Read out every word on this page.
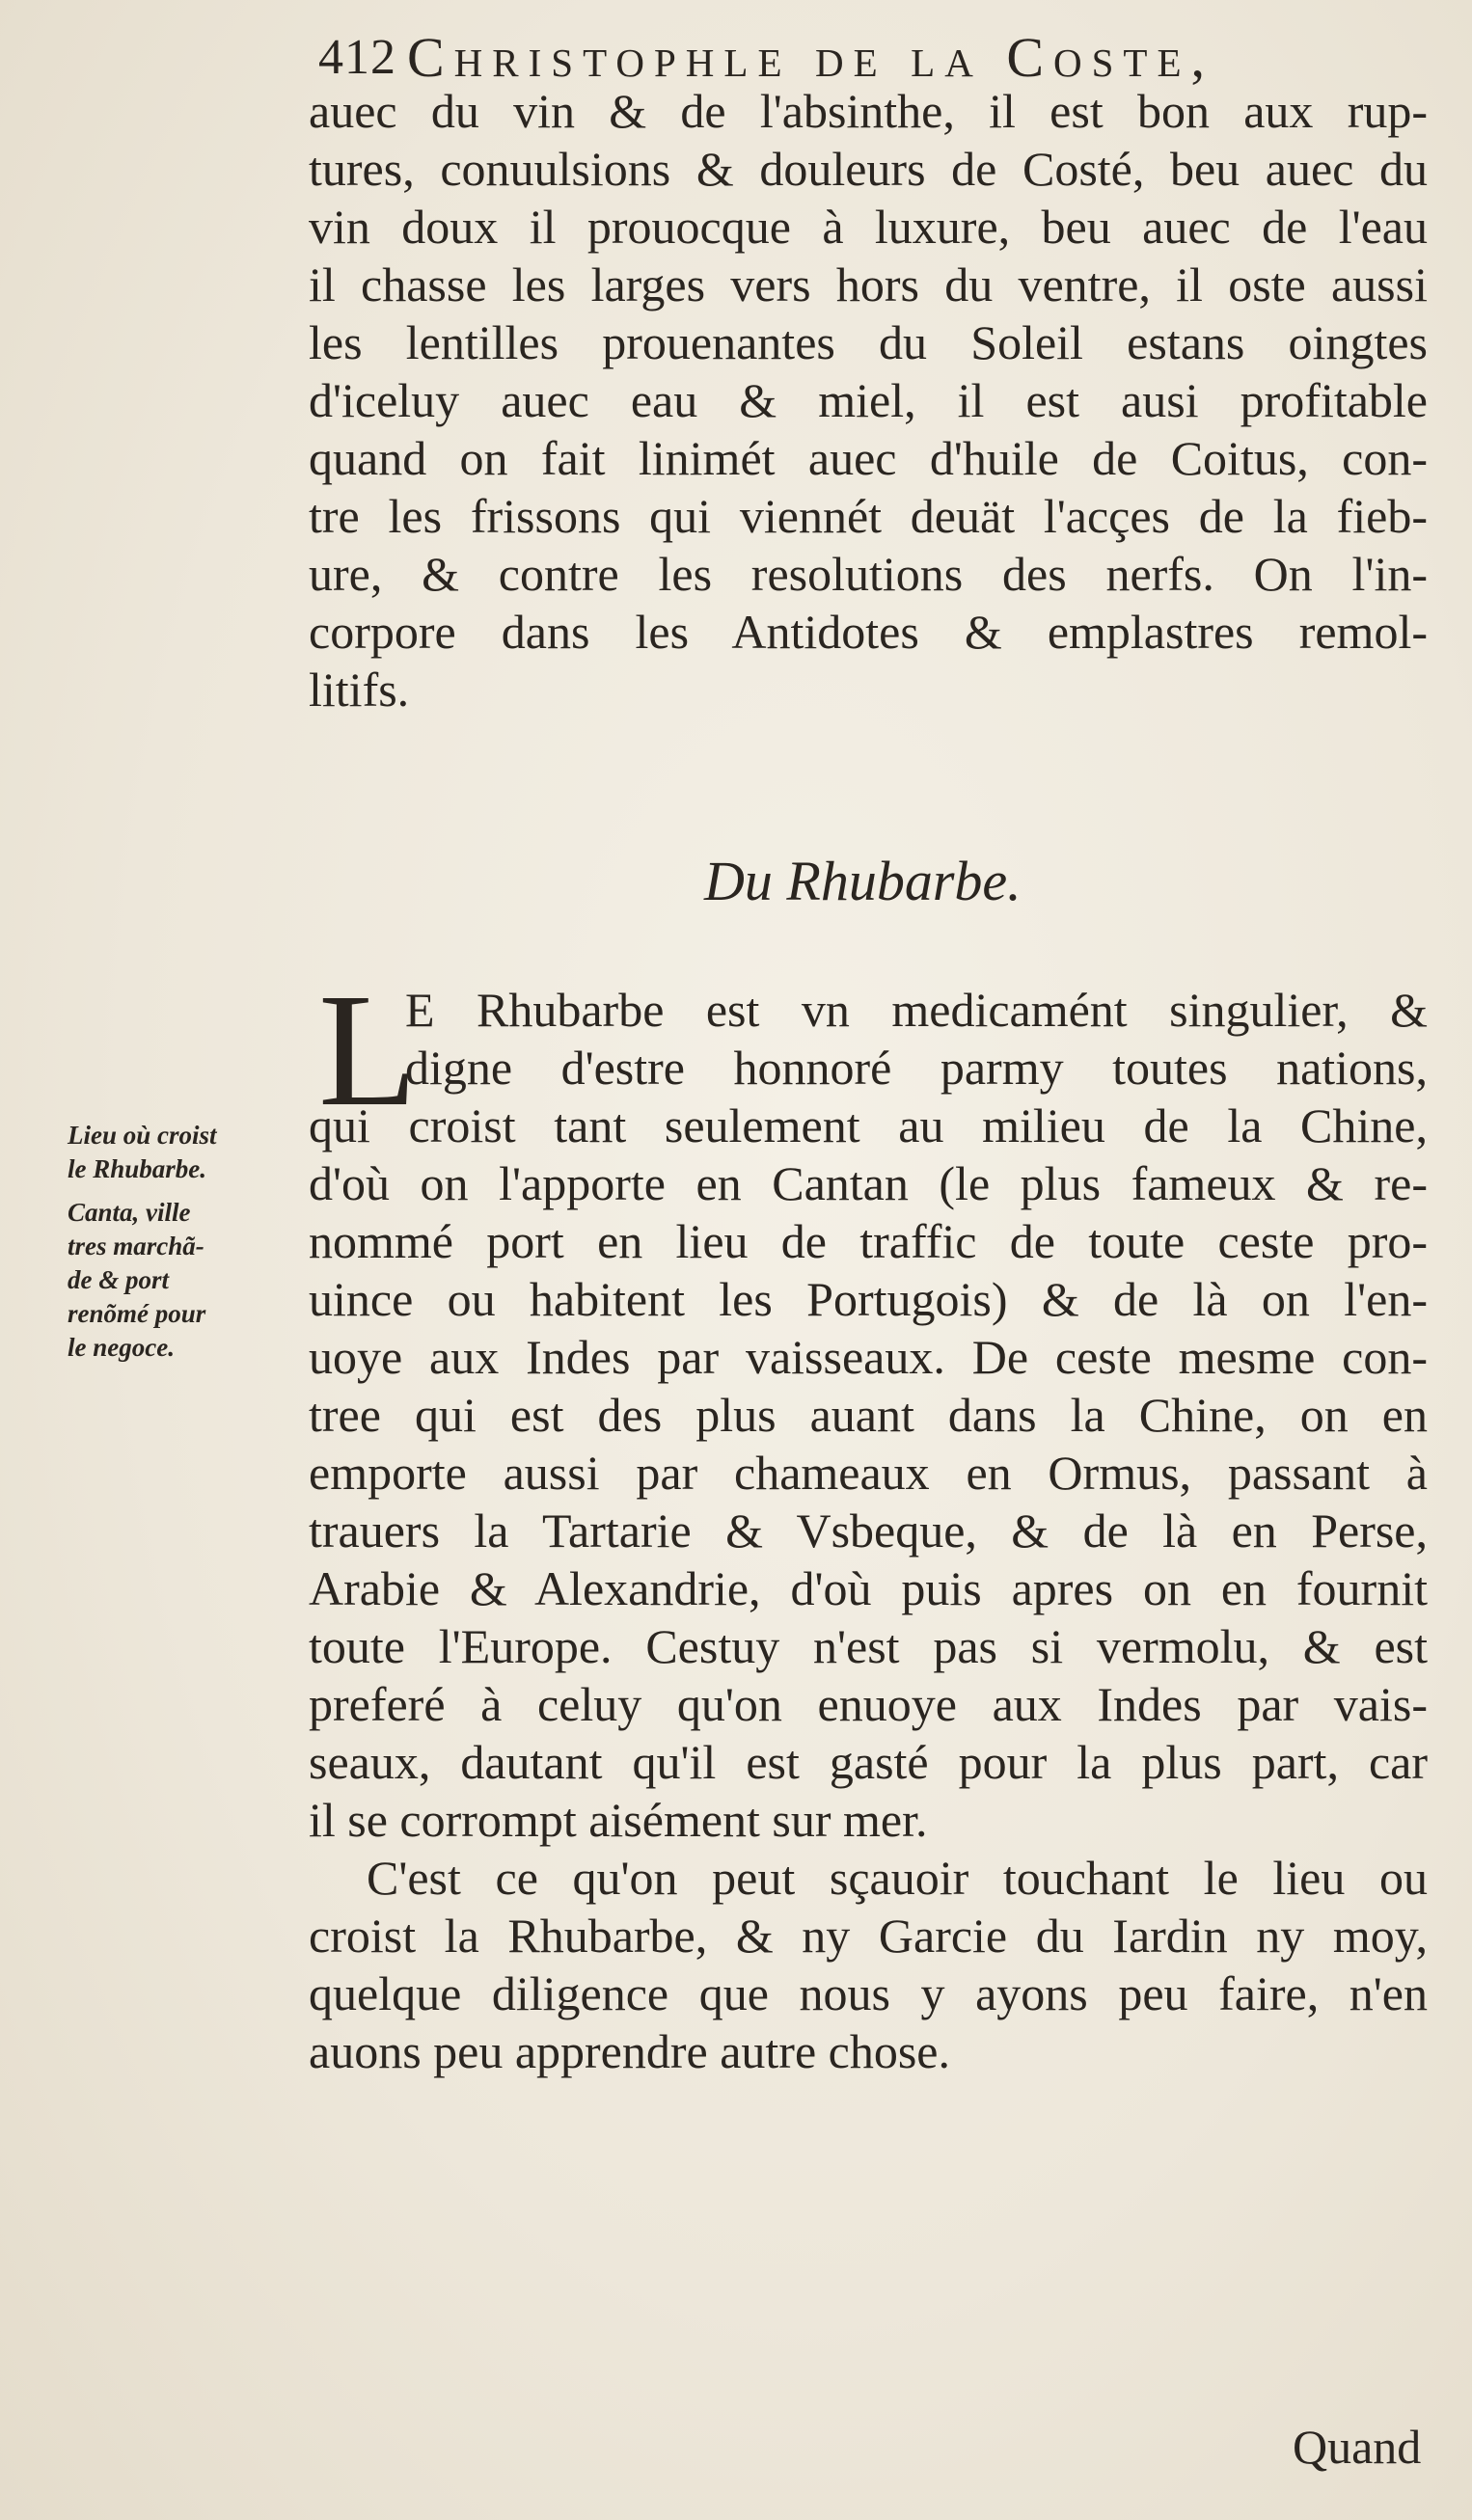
412 Christophle de la Coste,
auec du vin & de l'absinthe, il est bon aux rup-
tures, conuulsions & douleurs de Costé, beu auec du
vin doux il prouocque à luxure, beu auec de l'eau
il chasse les larges vers hors du ventre, il oste aussi
les lentilles prouenantes du Soleil estans oingtes
d'iceluy auec eau & miel, il est ausi profitable
quand on fait linimét auec d'huile de Coitus, con-
tre les frissons qui viennét deuät l'acçes de la fieb-
ure, & contre les resolutions des nerfs. On l'in-
corpore dans les Antidotes & emplastres remol-
litifs.
Du Rhubarbe.
L
E Rhubarbe est vn medicamént singulier, &
digne d'estre honnoré parmy toutes nations,
qui croist tant seulement au milieu de la Chine,
d'où on l'apporte en Cantan (le plus fameux & re-
nommé port en lieu de traffic de toute ceste pro-
uince ou habitent les Portugois) & de là on l'en-
uoye aux Indes par vaisseaux. De ceste mesme con-
tree qui est des plus auant dans la Chine, on en
emporte aussi par chameaux en Ormus, passant à
trauers la Tartarie & Vsbeque, & de là en Perse,
Arabie & Alexandrie, d'où puis apres on en fournit
toute l'Europe. Cestuy n'est pas si vermolu, & est
preferé à celuy qu'on enuoye aux Indes par vais-
seaux, dautant qu'il est gasté pour la plus part, car
il se corrompt aisément sur mer.
C'est ce qu'on peut sçauoir touchant le lieu ou
croist la Rhubarbe, & ny Garcie du Iardin ny moy,
quelque diligence que nous y ayons peu faire, n'en
auons peu apprendre autre chose.
Lieu où croist
le Rhubarbe.
Canta, ville
tres marchã-
de & port
renõmé pour
le negoce.
Quand
